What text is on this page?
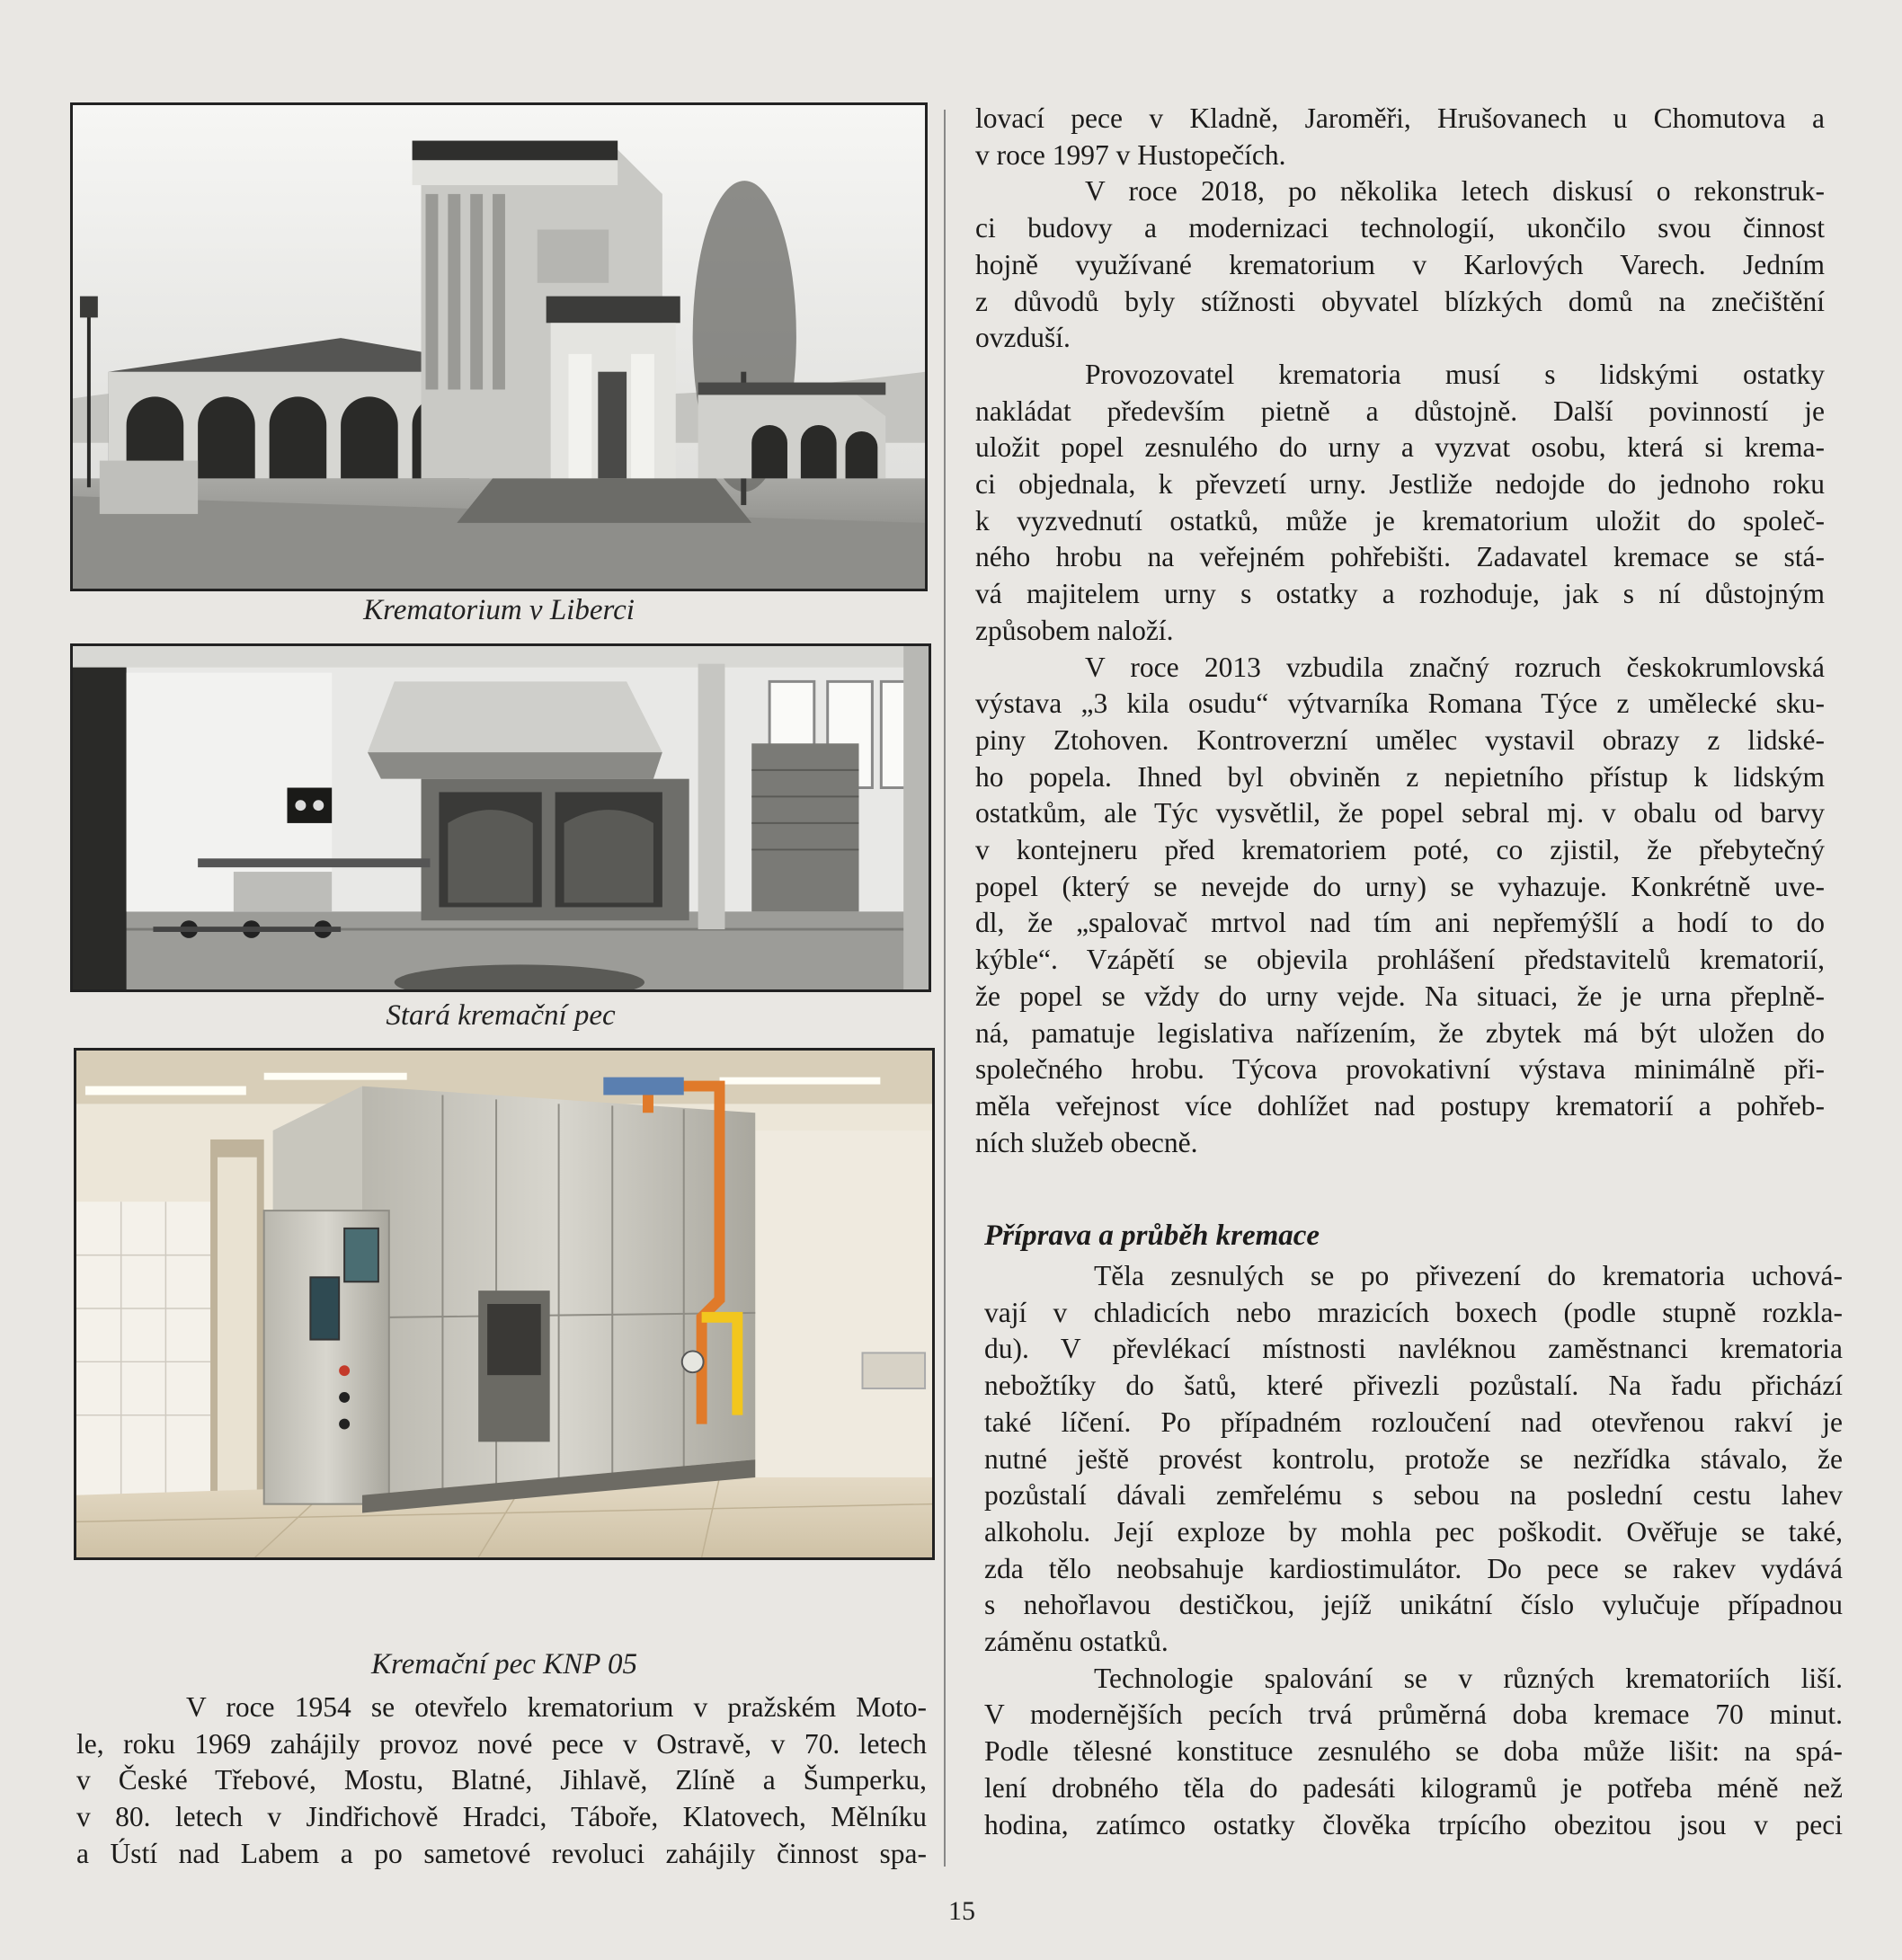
Krematorium v Liberci
Stará kremační pec
Kremační pec KNP 05

V roce 1954 se otevřelo krematorium v pražském Moto-

le, roku 1969 zahájily provoz nové pece v Ostravě, v 70. letech

v České Třebové, Mostu, Blatné, Jihlavě, Zlíně a Šumperku,

v 80. letech v Jindřichově Hradci, Táboře, Klatovech, Mělníku

a Ústí nad Labem a po sametové revoluci zahájily činnost spa-

lovací pece v Kladně, Jaroměři, Hrušovanech u Chomutova a

v roce 1997 v Hustopečích.

V roce 2018, po několika letech diskusí o rekonstruk-

ci budovy a modernizaci technologií, ukončilo svou činnost

hojně využívané krematorium v Karlových Varech. Jedním

z důvodů byly stížnosti obyvatel blízkých domů na znečištění

ovzduší.

Provozovatel krematoria musí s lidskými ostatky

nakládat především pietně a důstojně. Další povinností je

uložit popel zesnulého do urny a vyzvat osobu, která si krema-

ci objednala, k převzetí urny. Jestliže nedojde do jednoho roku

k vyzvednutí ostatků, může je krematorium uložit do společ-

ného hrobu na veřejném pohřebišti. Zadavatel kremace se stá-

vá majitelem urny s ostatky a rozhoduje, jak s ní důstojným

způsobem naloží.

V roce 2013 vzbudila značný rozruch českokrumlovská

výstava „3 kila osudu“ výtvarníka Romana Týce z umělecké sku-

piny Ztohoven. Kontroverzní umělec vystavil obrazy z lidské-

ho popela. Ihned byl obviněn z nepietního přístup k lidským

ostatkům, ale Týc vysvětlil, že popel sebral mj. v obalu od barvy

v kontejneru před krematoriem poté, co zjistil, že přebytečný

popel (který se nevejde do urny) se vyhazuje. Konkrétně uve-

dl, že „spalovač mrtvol nad tím ani nepřemýšlí a hodí to do

kýble“. Vzápětí se objevila prohlášení představitelů krematorií,

že popel se vždy do urny vejde. Na situaci, že je urna přeplně-

ná, pamatuje legislativa nařízením, že zbytek má být uložen do

společného hrobu. Týcova provokativní výstava minimálně při-

měla veřejnost více dohlížet nad postupy krematorií a pohřeb-

ních služeb obecně.

Příprava a průběh kremace

Těla zesnulých se po přivezení do krematoria uchová-

vají v chladicích nebo mrazicích boxech (podle stupně rozkla-

du). V převlékací místnosti navléknou zaměstnanci krematoria

nebožtíky do šatů, které přivezli pozůstalí. Na řadu přichází

také líčení. Po případném rozloučení nad otevřenou rakví je

nutné ještě provést kontrolu, protože se nezřídka stávalo, že

pozůstalí dávali zemřelému s sebou na poslední cestu lahev

alkoholu. Její exploze by mohla pec poškodit. Ověřuje se také,

zda tělo neobsahuje kardiostimulátor. Do pece se rakev vydává

s nehořlavou destičkou, jejíž unikátní číslo vylučuje případnou

záměnu ostatků.

Technologie spalování se v různých krematoriích liší.

V modernějších pecích trvá průměrná doba kremace 70 minut.

Podle tělesné konstituce zesnulého se doba může lišit: na spá-

lení drobného těla do padesáti kilogramů je potřeba méně než

hodina, zatímco ostatky člověka trpícího obezitou jsou v peci

15
